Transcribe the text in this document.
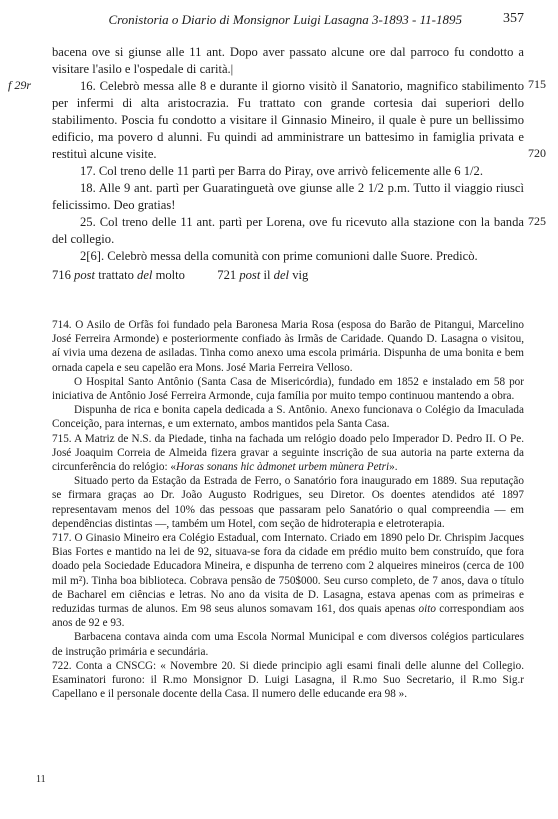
Cronistoria o Diario di Monsignor Luigi Lasagna 3-1893 - 11-1895	357
f 29r	715
720
725

bacena ove si giunse alle 11 ant. Dopo aver passato alcune ore dal parroco fu condotto a visitare l'asilo e l'ospedale di carità.|

16. Celebrò messa alle 8 e durante il giorno visitò il Sanatorio, magnifico stabilimento per infermi di alta aristocrazia. Fu trattato con grande cortesia dai superiori dello stabilimento. Poscia fu condotto a visitare il Ginnasio Mineiro, il quale è pure un bellissimo edificio, ma povero d alunni. Fu quindi ad amministrare un battesimo in famiglia privata e restituì alcune visite.

17. Col treno delle 11 partì per Barra do Piray, ove arrivò felicemente alle 6 1/2.

18. Alle 9 ant. partì per Guaratinguetà ove giunse alle 2 1/2 p.m. Tutto il viaggio riuscì felicissimo. Deo gratias!

25. Col treno delle 11 ant. partì per Lorena, ove fu ricevuto alla stazione con la banda del collegio.

2[6]. Celebrò messa della comunità con prime comunioni dalle Suore. Predicò.

716 post trattato del molto	721 post il del vig

714. O Asilo de Orfãs foi fundado pela Baronesa Maria Rosa (esposa do Barão de Pitangui, Marcelino José Ferreira Armonde) e posteriormente confiado às Irmãs de Caridade. Quando D. Lasagna o visitou, aí vivia uma dezena de asiladas. Tinha como anexo uma escola primária. Dispunha de uma bonita e bem ornada capela e seu capelão era Mons. José Maria Ferreira Velloso.

O Hospital Santo Antônio (Santa Casa de Misericórdia), fundado em 1852 e instalado em 58 por iniciativa de Antônio José Ferreira Armonde, cuja família por muito tempo continuou mantendo a obra.

Dispunha de rica e bonita capela dedicada a S. Antônio. Anexo funcionava o Colégio da Imaculada Conceição, para internas, e um externato, ambos mantidos pela Santa Casa.

715. A Matriz de N.S. da Piedade, tinha na fachada um relógio doado pelo Imperador D. Pedro II. O Pe. José Joaquim Correia de Almeida fizera gravar a seguinte inscrição de sua autoria na parte externa da circunferência do relógio: «Horas sonans hic àdmonet urbem mùnera Petri».

Situado perto da Estação da Estrada de Ferro, o Sanatório fora inaugurado em 1889. Sua reputação se firmara graças ao Dr. João Augusto Rodrigues, seu Diretor. Os doentes atendidos até 1897 representavam menos del 10% das pessoas que passaram pelo Sanatório o qual compreendia — em dependências distintas —, também um Hotel, com seção de hidroterapia e eletroterapia.

717. O Ginasio Mineiro era Colégio Estadual, com Internato. Criado em 1890 pelo Dr. Chrispim Jacques Bias Fortes e mantido na lei de 92, situava-se fora da cidade em prédio muito bem construído, que fora doado pela Sociedade Educadora Mineira, e dispunha de terreno com 2 alqueires mineiros (cerca de 100 mil m²). Tinha boa biblioteca. Cobrava pensão de 750$000. Seu curso completo, de 7 anos, dava o título de Bacharel em ciências e letras. No ano da visita de D. Lasagna, estava apenas com as primeiras e reduzidas turmas de alunos. Em 98 seus alunos somavam 161, dos quais apenas oito correspondiam aos anos de 92 e 93.

Barbacena contava ainda com uma Escola Normal Municipal e com diversos colégios particulares de instrução primária e secundária.

722. Conta a CNSCG: « Novembre 20. Si diede principio agli esami finali delle alunne del Collegio. Esaminatori furono: il R.mo Monsignor D. Luigi Lasagna, il R.mo Suo Secretario, il R.mo Sig.r Capellano e il personale docente della Casa. Il numero delle educande era 98 ».

11
